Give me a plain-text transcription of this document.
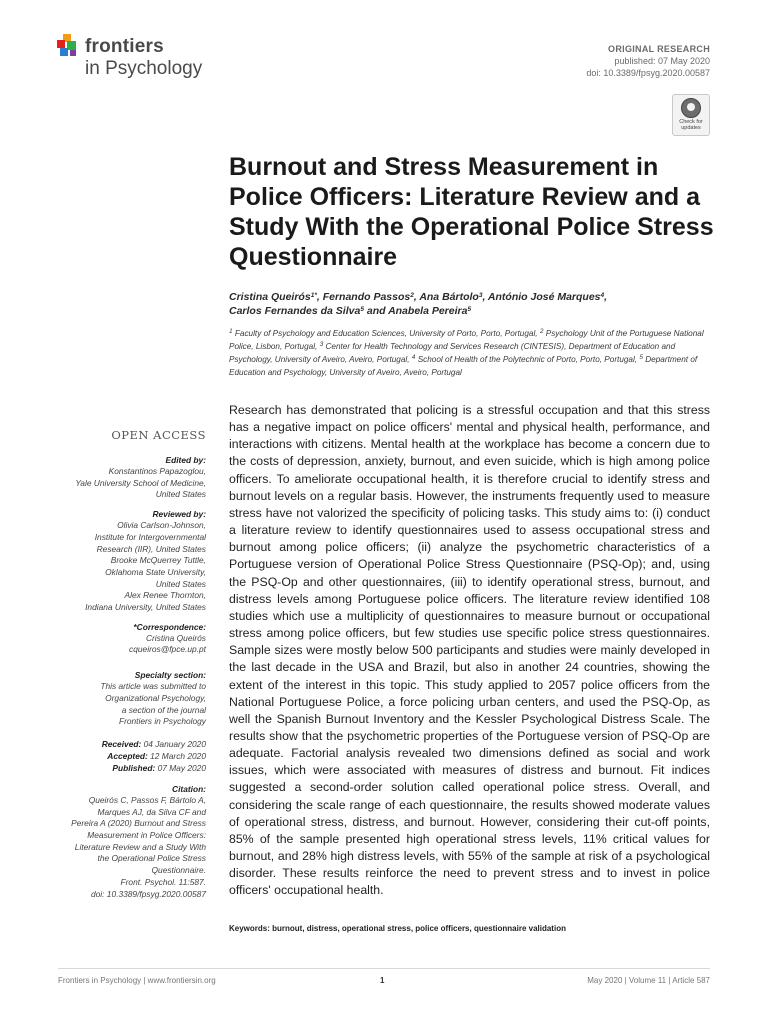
frontiers
in Psychology
ORIGINAL RESEARCH
published: 07 May 2020
doi: 10.3389/fpsyg.2020.00587
Check for updates
Burnout and Stress Measurement in Police Officers: Literature Review and a Study With the Operational Police Stress Questionnaire
Cristina Queirós$^{1*}$, Fernando Passos$^2$, Ana Bártolo$^3$, António José Marques$^4$,
Carlos Fernandes da Silva$^5$ and Anabela Pereira$^5$
$^1$ Faculty of Psychology and Education Sciences, University of Porto, Porto, Portugal, $^2$ Psychology Unit of the Portuguese National Police, Lisbon, Portugal, $^3$ Center for Health Technology and Services Research (CINTESIS), Department of Education and Psychology, University of Aveiro, Aveiro, Portugal, $^4$ School of Health of the Polytechnic of Porto, Porto, Portugal, $^5$ Department of Education and Psychology, University of Aveiro, Aveiro, Portugal
Research has demonstrated that policing is a stressful occupation and that this stress has a negative impact on police officers' mental and physical health, performance, and interactions with citizens. Mental health at the workplace has become a concern due to the costs of depression, anxiety, burnout, and even suicide, which is high among police officers. To ameliorate occupational health, it is therefore crucial to identify stress and burnout levels on a regular basis. However, the instruments frequently used to measure stress have not valorized the specificity of policing tasks. This study aims to: (i) conduct a literature review to identify questionnaires used to assess occupational stress and burnout among police officers; (ii) analyze the psychometric characteristics of a Portuguese version of Operational Police Stress Questionnaire (PSQ-Op); and, using the PSQ-Op and other questionnaires, (iii) to identify operational stress, burnout, and distress levels among Portuguese police officers. The literature review identified 108 studies which use a multiplicity of questionnaires to measure burnout or occupational stress among police officers, but few studies use specific police stress questionnaires. Sample sizes were mostly below 500 participants and studies were mainly developed in the last decade in the USA and Brazil, but also in another 24 countries, showing the extent of the interest in this topic. This study applied to 2057 police officers from the National Portuguese Police, a force policing urban centers, and used the PSQ-Op, as well the Spanish Burnout Inventory and the Kessler Psychological Distress Scale. The results show that the psychometric properties of the Portuguese version of PSQ-Op are adequate. Factorial analysis revealed two dimensions defined as social and work issues, which were associated with measures of distress and burnout. Fit indices suggested a second-order solution called operational police stress. Overall, and considering the scale range of each questionnaire, the results showed moderate values of operational stress, distress, and burnout. However, considering their cut-off points, 85% of the sample presented high operational stress levels, 11% critical values for burnout, and 28% high distress levels, with 55% of the sample at risk of a psychological disorder. These results reinforce the need to prevent stress and to invest in police officers' occupational health.
Keywords: burnout, distress, operational stress, police officers, questionnaire validation
OPEN ACCESS
Edited by:
Konstantinos Papazoglou,
Yale University School of Medicine,
United States
Reviewed by:
Olivia Carlson-Johnson,
Institute for Intergovernmental
Research (IIR), United States
Brooke McQuerrey Tuttle,
Oklahoma State University,
United States
Alex Renee Thornton,
Indiana University, United States
*Correspondence:
Cristina Queirós
cqueiros@fpce.up.pt
Specialty section:
This article was submitted to
Organizational Psychology,
a section of the journal
Frontiers in Psychology
Received: 04 January 2020
Accepted: 12 March 2020
Published: 07 May 2020
Citation:
Queirós C, Passos F, Bártolo A,
Marques AJ, da Silva CF and
Pereira A (2020) Burnout and Stress
Measurement in Police Officers:
Literature Review and a Study With
the Operational Police Stress
Questionnaire.
Front. Psychol. 11:587.
doi: 10.3389/fpsyg.2020.00587
Frontiers in Psychology | www.frontiersin.org	1	May 2020 | Volume 11 | Article 587
